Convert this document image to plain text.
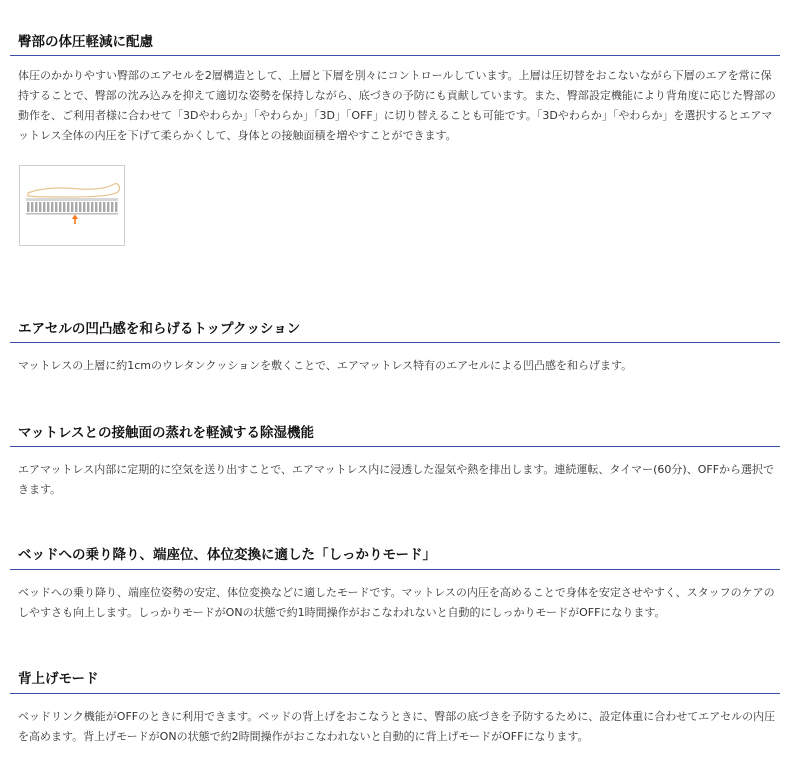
臀部の体圧軽減に配慮

体圧のかかりやすい臀部のエアセルを2層構造として、上層と下層を別々にコントロールしています。上層は圧切替をおこないながら下層のエアを常に保持することで、臀部の沈み込みを抑えて適切な姿勢を保持しながら、底づきの予防にも貢献しています。また、臀部設定機能により背角度に応じた臀部の動作を、ご利用者様に合わせて「3Dやわらか」「やわらか」「3D」「OFF」に切り替えることも可能です。「3Dやわらか」「やわらか」を選択するとエアマットレス全体の内圧を下げて柔らかくして、身体との接触面積を増やすことができます。

エアセルの凹凸感を和らげるトップクッション

マットレスの上層に約1cmのウレタンクッションを敷くことで、エアマットレス特有のエアセルによる凹凸感を和らげます。

マットレスとの接触面の蒸れを軽減する除湿機能

エアマットレス内部に定期的に空気を送り出すことで、エアマットレス内に浸透した湿気や熱を排出します。連続運転、タイマー(60分)、OFFから選択できます。

ベッドへの乗り降り、端座位、体位変換に適した「しっかりモード」

ベッドへの乗り降り、端座位姿勢の安定、体位変換などに適したモードです。マットレスの内圧を高めることで身体を安定させやすく、スタッフのケアのしやすさも向上します。しっかりモードがONの状態で約1時間操作がおこなわれないと自動的にしっかりモードがOFFになります。

背上げモード

ベッドリンク機能がOFFのときに利用できます。ベッドの背上げをおこなうときに、臀部の底づきを予防するために、設定体重に合わせてエアセルの内圧を高めます。背上げモードがONの状態で約2時間操作がおこなわれないと自動的に背上げモードがOFFになります。
